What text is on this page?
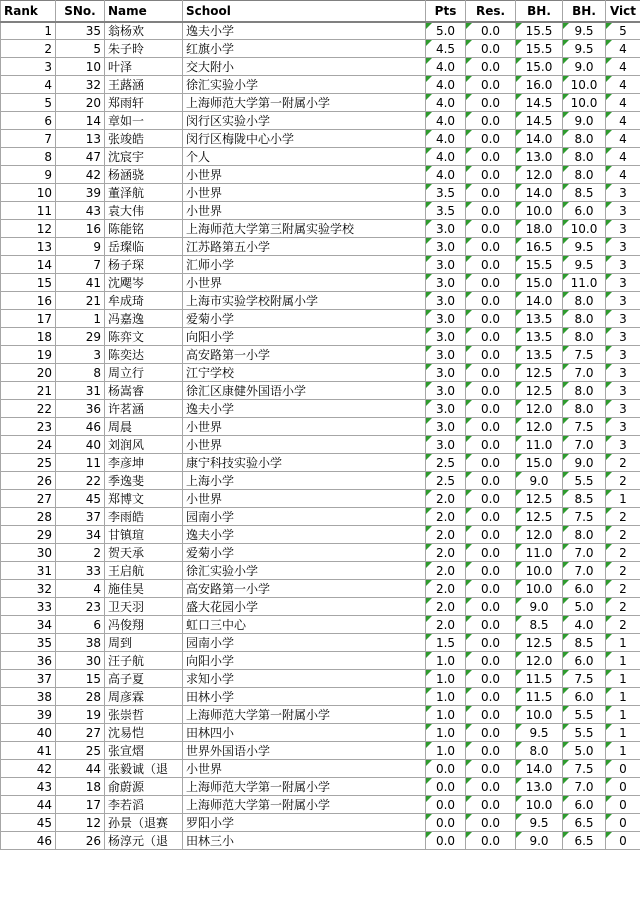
Rank	SNo.	Name	School	Pts	Res.	BH.	BH.	Vict
1	35	翁杨欢	逸夫小学	5.0	0.0	15.5	9.5	5
2	5	朱子昤	红旗小学	4.5	0.0	15.5	9.5	4
3	10	叶泽	交大附小	4.0	0.0	15.0	9.0	4
4	32	王蕗涵	徐汇实验小学	4.0	0.0	16.0	10.0	4
5	20	郑雨轩	上海师范大学第一附属小学	4.0	0.0	14.5	10.0	4
6	14	章如一	闵行区实验小学	4.0	0.0	14.5	9.0	4
7	13	张竣皓	闵行区梅陇中心小学	4.0	0.0	14.0	8.0	4
8	47	沈宸宇	个人	4.0	0.0	13.0	8.0	4
9	42	杨涵骁	小世界	4.0	0.0	12.0	8.0	4
10	39	董泽航	小世界	3.5	0.0	14.0	8.5	3
11	43	袁大伟	小世界	3.5	0.0	10.0	6.0	3
12	16	陈能铭	上海师范大学第三附属实验学校	3.0	0.0	18.0	10.0	3
13	9	岳璨临	江苏路第五小学	3.0	0.0	16.5	9.5	3
14	7	杨子琛	汇师小学	3.0	0.0	15.5	9.5	3
15	41	沈飔岑	小世界	3.0	0.0	15.0	11.0	3
16	21	牟成琦	上海市实验学校附属小学	3.0	0.0	14.0	8.0	3
17	1	冯嘉逸	爱菊小学	3.0	0.0	13.5	8.0	3
18	29	陈弈文	向阳小学	3.0	0.0	13.5	8.0	3
19	3	陈奕达	高安路第一小学	3.0	0.0	13.5	7.5	3
20	8	周立行	江宁学校	3.0	0.0	12.5	7.0	3
21	31	杨嵩睿	徐汇区康健外国语小学	3.0	0.0	12.5	8.0	3
22	36	许茗涵	逸夫小学	3.0	0.0	12.0	8.0	3
23	46	周晨	小世界	3.0	0.0	12.0	7.5	3
24	40	刘润风	小世界	3.0	0.0	11.0	7.0	3
25	11	李彦坤	康宁科技实验小学	2.5	0.0	15.0	9.0	2
26	22	季逸斐	上海小学	2.5	0.0	9.0	5.5	2
27	45	郑博文	小世界	2.0	0.0	12.5	8.5	1
28	37	李雨皓	园南小学	2.0	0.0	12.5	7.5	2
29	34	甘镇瑄	逸夫小学	2.0	0.0	12.0	8.0	2
30	2	贺天承	爱菊小学	2.0	0.0	11.0	7.0	2
31	33	王启航	徐汇实验小学	2.0	0.0	10.0	7.0	2
32	4	施佳昊	高安路第一小学	2.0	0.0	10.0	6.0	2
33	23	卫天羽	盛大花园小学	2.0	0.0	9.0	5.0	2
34	6	冯俊翔	虹口三中心	2.0	0.0	8.5	4.0	2
35	38	周到	园南小学	1.5	0.0	12.5	8.5	1
36	30	汪子航	向阳小学	1.0	0.0	12.0	6.0	1
37	15	高子夏	求知小学	1.0	0.0	11.5	7.5	1
38	28	周彦霖	田林小学	1.0	0.0	11.5	6.0	1
39	19	张崇哲	上海师范大学第一附属小学	1.0	0.0	10.0	5.5	1
40	27	沈易恺	田林四小	1.0	0.0	9.5	5.5	1
41	25	张宣熠	世界外国语小学	1.0	0.0	8.0	5.0	1
42	44	张毅诚（退	小世界	0.0	0.0	14.0	7.5	0
43	18	俞蔚源	上海师范大学第一附属小学	0.0	0.0	13.0	7.0	0
44	17	李若滔	上海师范大学第一附属小学	0.0	0.0	10.0	6.0	0
45	12	孙景（退赛	罗阳小学	0.0	0.0	9.5	6.5	0
46	26	杨淳元（退	田林三小	0.0	0.0	9.0	6.5	0
